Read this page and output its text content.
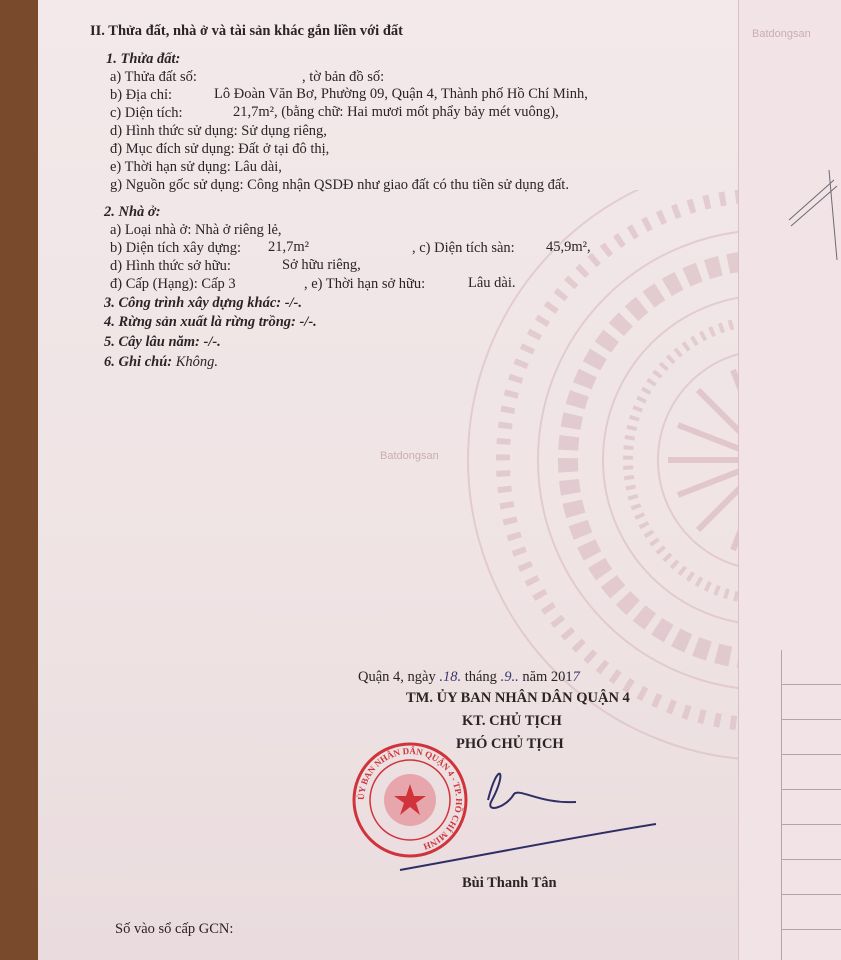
Batdongsan
Batdongsan
II. Thửa đất, nhà ở và tài sản khác gắn liền với đất
1. Thửa đất:
a) Thửa đất số:	, tờ bản đồ số:
b) Địa chỉ:	Lô Đoàn Văn Bơ, Phường 09, Quận 4, Thành phố Hồ Chí Minh,
c) Diện tích:	21,7m², (bằng chữ: Hai mươi mốt phẩy bảy mét vuông),
d) Hình thức sử dụng: Sử dụng riêng,
đ) Mục đích sử dụng: Đất ở tại đô thị,
e) Thời hạn sử dụng: Lâu dài,
g) Nguồn gốc sử dụng: Công nhận QSDĐ như giao đất có thu tiền sử dụng đất.
2. Nhà ở:
a) Loại nhà ở: Nhà ở riêng lẻ,
b) Diện tích xây dựng: 21,7m²	, c) Diện tích sàn: 45,9m²,
d) Hình thức sở hữu:	Sở hữu riêng,
đ) Cấp (Hạng): Cấp 3	, e) Thời hạn sở hữu:	Lâu dài.
3. Công trình xây dựng khác: -/-.
4. Rừng sản xuất là rừng trồng: -/-.
5. Cây lâu năm: -/-.
6. Ghi chú: Không.
Quận 4, ngày .18. tháng .9.. năm 2017
TM. ỦY BAN NHÂN DÂN QUẬN 4
KT. CHỦ TỊCH
PHÓ CHỦ TỊCH
ỦY BAN NHÂN DÂN QUẬN 4 - TP. HỒ CHÍ MINH
Bùi Thanh Tân
Số vào sổ cấp GCN:
